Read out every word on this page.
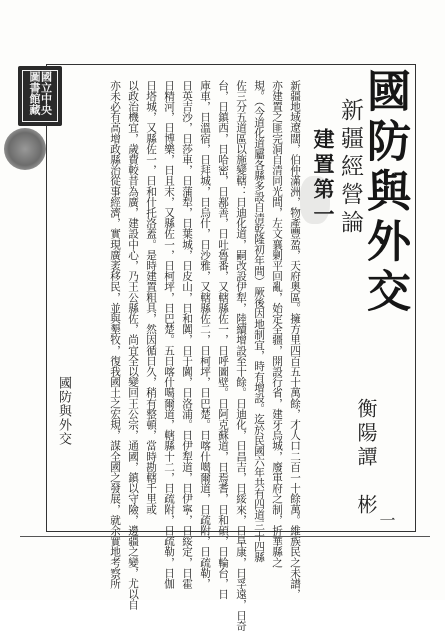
國立中央圖書館藏	國防與外交
新疆經營論
衡陽譚　彬
建置第一
新疆地域遼闊，伯仲滿洲，物產豐盈，天府奧區。擁方里四百五十萬餘，才人口二百一十餘萬。維族民之未譜，
亦建置之匪完洞自清同光間，左文襄剿平回亂，始定全疆，開設行省，建牙烏城，廢軍府之制，折華縣之
規。（今道化道屬各縣多設自清乾隆初年間）厥後因地制宜，時有增設。迄於民國六年共有四道三十四縣
佐三分五道區以施變轄：日迪化道，嗣改設伊犁，陸續增設至十餘。日迪化，日昌吉，日綏來，日阜康，日孚遠，日奇
台，日鎮西，日哈密，日鄯善，日吐魯番，又轄縣佐一，日呼圖壁。日阿克蘇道，日焉耆，日和碩，日輪台，日
庫車，日溫宿，日拜城，日烏什，日沙雅，又轄縣佐二，日柯坪，日巴楚。日喀什噶爾道，日疏附，日疏勒，
日英吉沙，日莎車，日蒲犁，日葉城，日皮山，日和闐，日于闐，日洛浦。日伊犁道，日伊寧，日綏定，日霍
日精河，日博樂，日且末，又縣佐一，日柯坪，日巴楚。五日喀什噶爾道，轄縣十二，日疏附，日疏勒，日伽
日塔城，又縣佐一，日和什托洛蓋。是時建置粗具，然因循日久，稍有整頓，當時勘轄千里或
以政治機宜，歲費較昔為廣，建設中心，乃王公縣佐，尚宜全以變回王公宗，通國，鎮以守險，邊疆之變，尤以自
亦未必有高增政縣治從事經濟，實現廣袤移民，並與墾牧，復我國土之宏規，謀全國之發展，就余實地考察所
國防與外交
一
